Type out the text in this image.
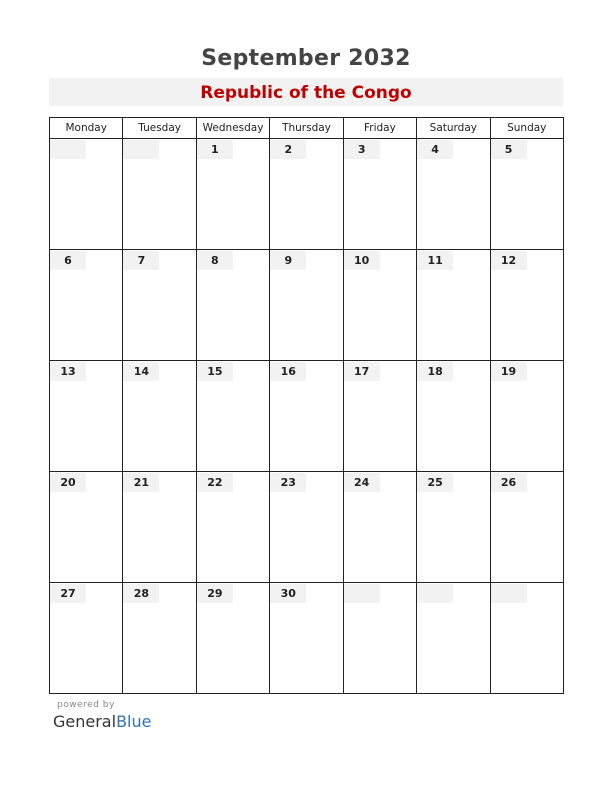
September 2032
Republic of the Congo
Monday	Tuesday	Wednesday	Thursday	Friday	Saturday	Sunday

		1	2	3	4	5

6	7	8	9	10	11	12

13	14	15	16	17	18	19

20	21	22	23	24	25	26

27	28	29	30			

powered by
GeneralBlue
